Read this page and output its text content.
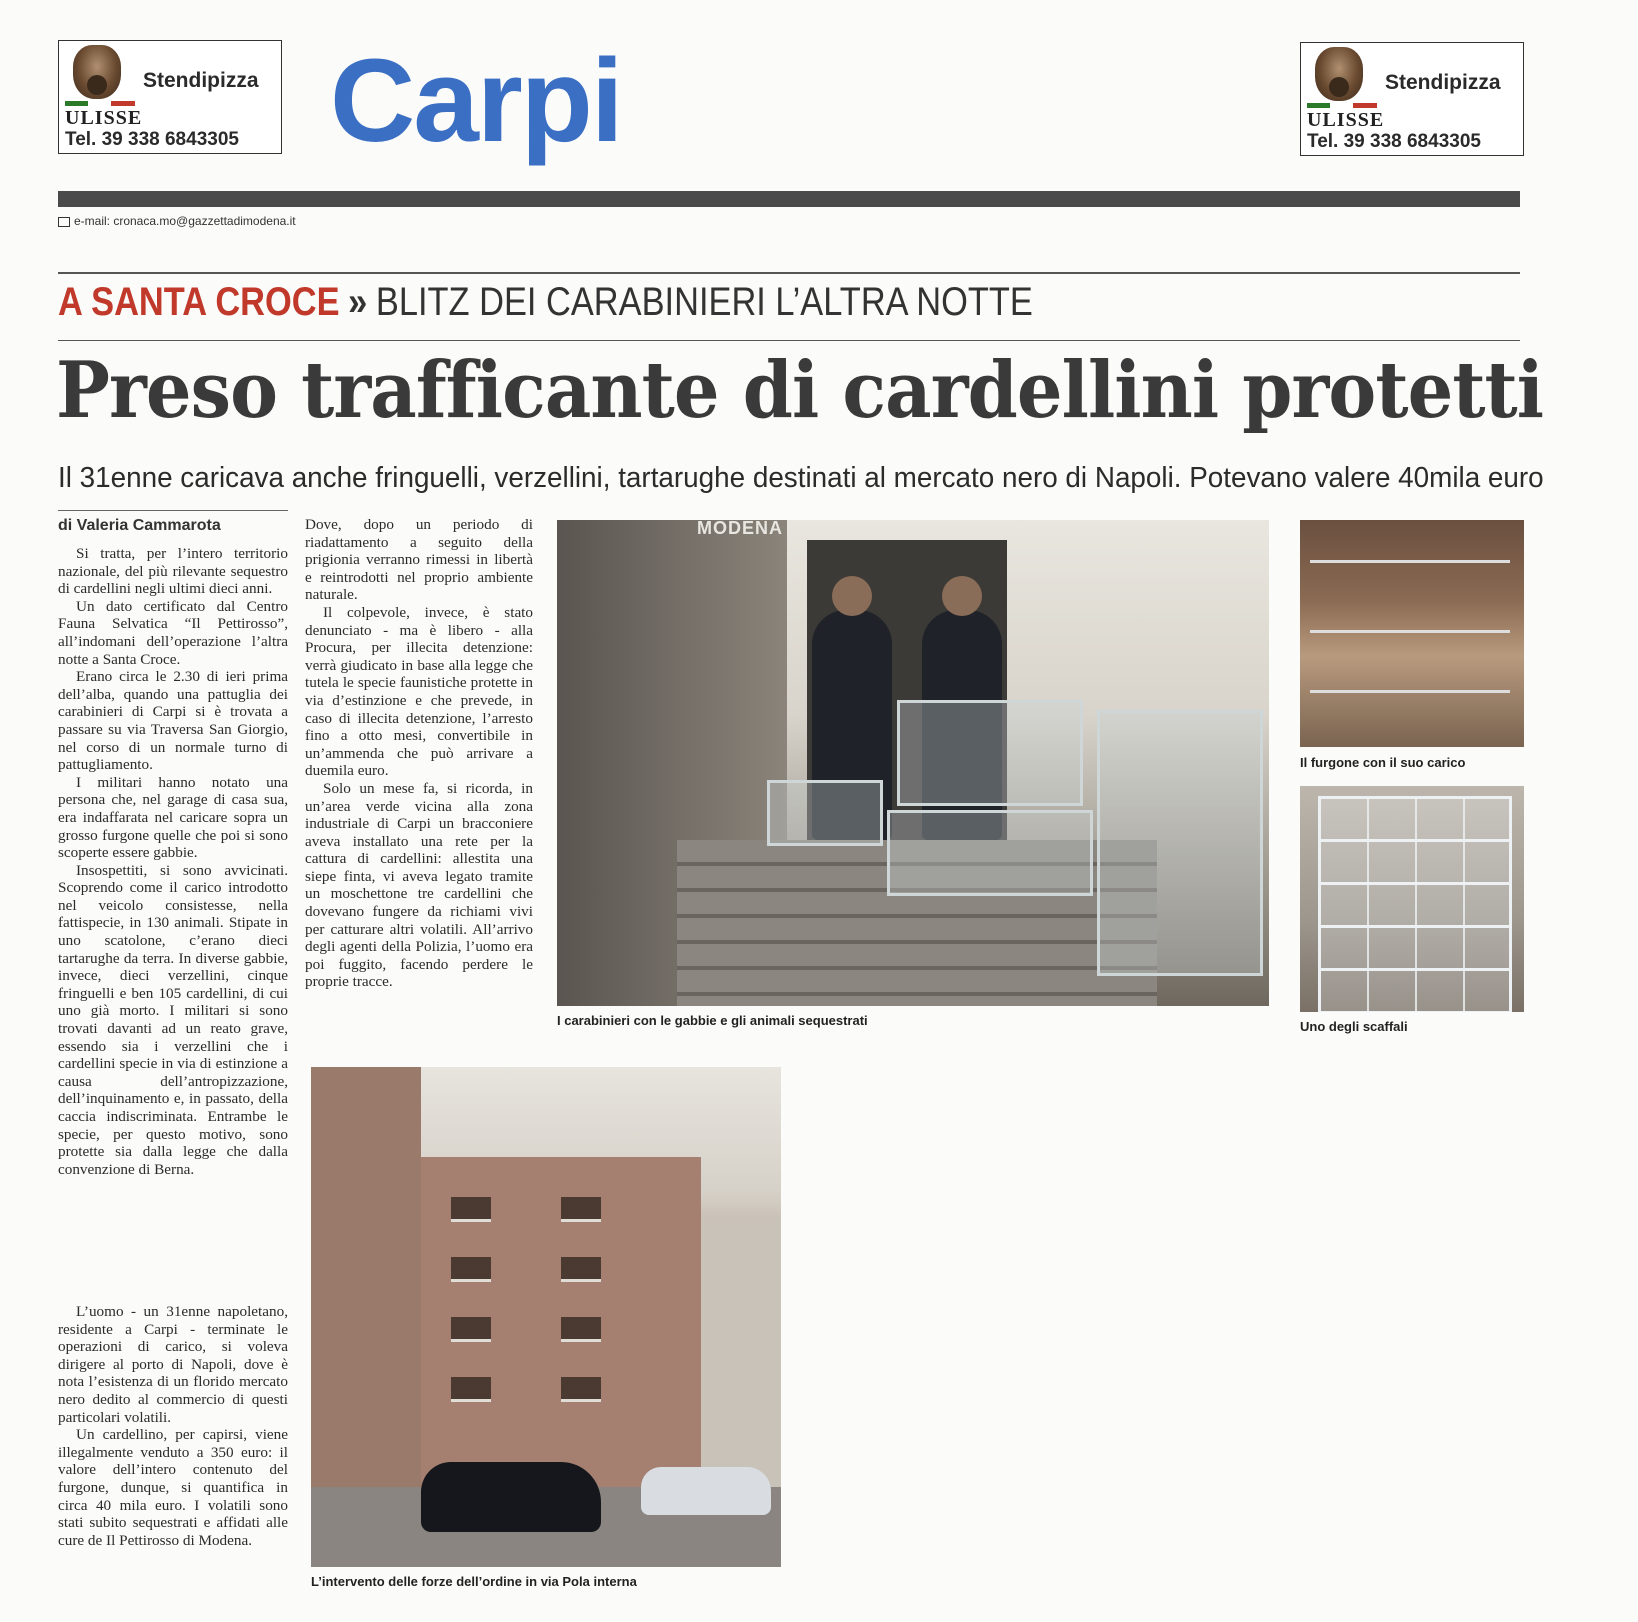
Stendipizza
ULISSE
Tel. 39 338 6843305
Stendipizza
ULISSE
Tel. 39 338 6843305
Carpi
e-mail: cronaca.mo@gazzettadimodena.it
A SANTA CROCE » BLITZ DEI CARABINIERI L’ALTRA NOTTE
Preso trafficante di cardellini protetti
Il 31enne caricava anche fringuelli, verzellini, tartarughe destinati al mercato nero di Napoli. Potevano valere 40mila euro
di Valeria Cammarota

Si tratta, per l’intero territorio nazionale, del più rilevante sequestro di cardellini negli ultimi dieci anni.

Un dato certificato dal Centro Fauna Selvatica “Il Pettirosso”, all’indomani dell’operazione l’altra notte a Santa Croce.

Erano circa le 2.30 di ieri prima dell’alba, quando una pattuglia dei carabinieri di Carpi si è trovata a passare su via Traversa San Giorgio, nel corso di un normale turno di pattugliamento.

I militari hanno notato una persona che, nel garage di casa sua, era indaffarata nel caricare sopra un grosso furgone quelle che poi si sono scoperte essere gabbie.

Insospettiti, si sono avvicinati. Scoprendo come il carico introdotto nel veicolo consistesse, nella fattispecie, in 130 animali. Stipate in uno scatolone, c’erano dieci tartarughe da terra. In diverse gabbie, invece, dieci verzellini, cinque fringuelli e ben 105 cardellini, di cui uno già morto. I militari si sono trovati davanti ad un reato grave, essendo sia i verzellini che i cardellini specie in via di estinzione a causa dell’antropizzazione, dell’inquinamento e, in passato, della caccia indiscriminata. Entrambe le specie, per questo motivo, sono protette sia dalla legge che dalla convenzione di Berna.

L’uomo - un 31enne napoletano, residente a Carpi - terminate le operazioni di carico, si voleva dirigere al porto di Napoli, dove è nota l’esistenza di un florido mercato nero dedito al commercio di questi particolari volatili.

Un cardellino, per capirsi, viene illegalmente venduto a 350 euro: il valore dell’intero contenuto del furgone, dunque, si quantifica in circa 40 mila euro. I volatili sono stati subito sequestrati e affidati alle cure de Il Pettirosso di Modena.

Dove, dopo un periodo di riadattamento a seguito della prigionia verranno rimessi in libertà e reintrodotti nel proprio ambiente naturale.

Il colpevole, invece, è stato denunciato - ma è libero - alla Procura, per illecita detenzione: verrà giudicato in base alla legge che tutela le specie faunistiche protette in via d’estinzione e che prevede, in caso di illecita detenzione, l’arresto fino a otto mesi, convertibile in un’ammenda che può arrivare a duemila euro.

Solo un mese fa, si ricorda, in un’area verde vicina alla zona industriale di Carpi un bracconiere aveva installato una rete per la cattura di cardellini: allestita una siepe finta, vi aveva legato tramite un moschettone tre cardellini che dovevano fungere da richiami vivi per catturare altri volatili. All’arrivo degli agenti della Polizia, l’uomo era poi fuggito, facendo perdere le proprie tracce.

MODENA
I carabinieri con le gabbie e gli animali sequestrati
Il furgone con il suo carico
Uno degli scaffali
L’intervento delle forze dell’ordine in via Pola interna
